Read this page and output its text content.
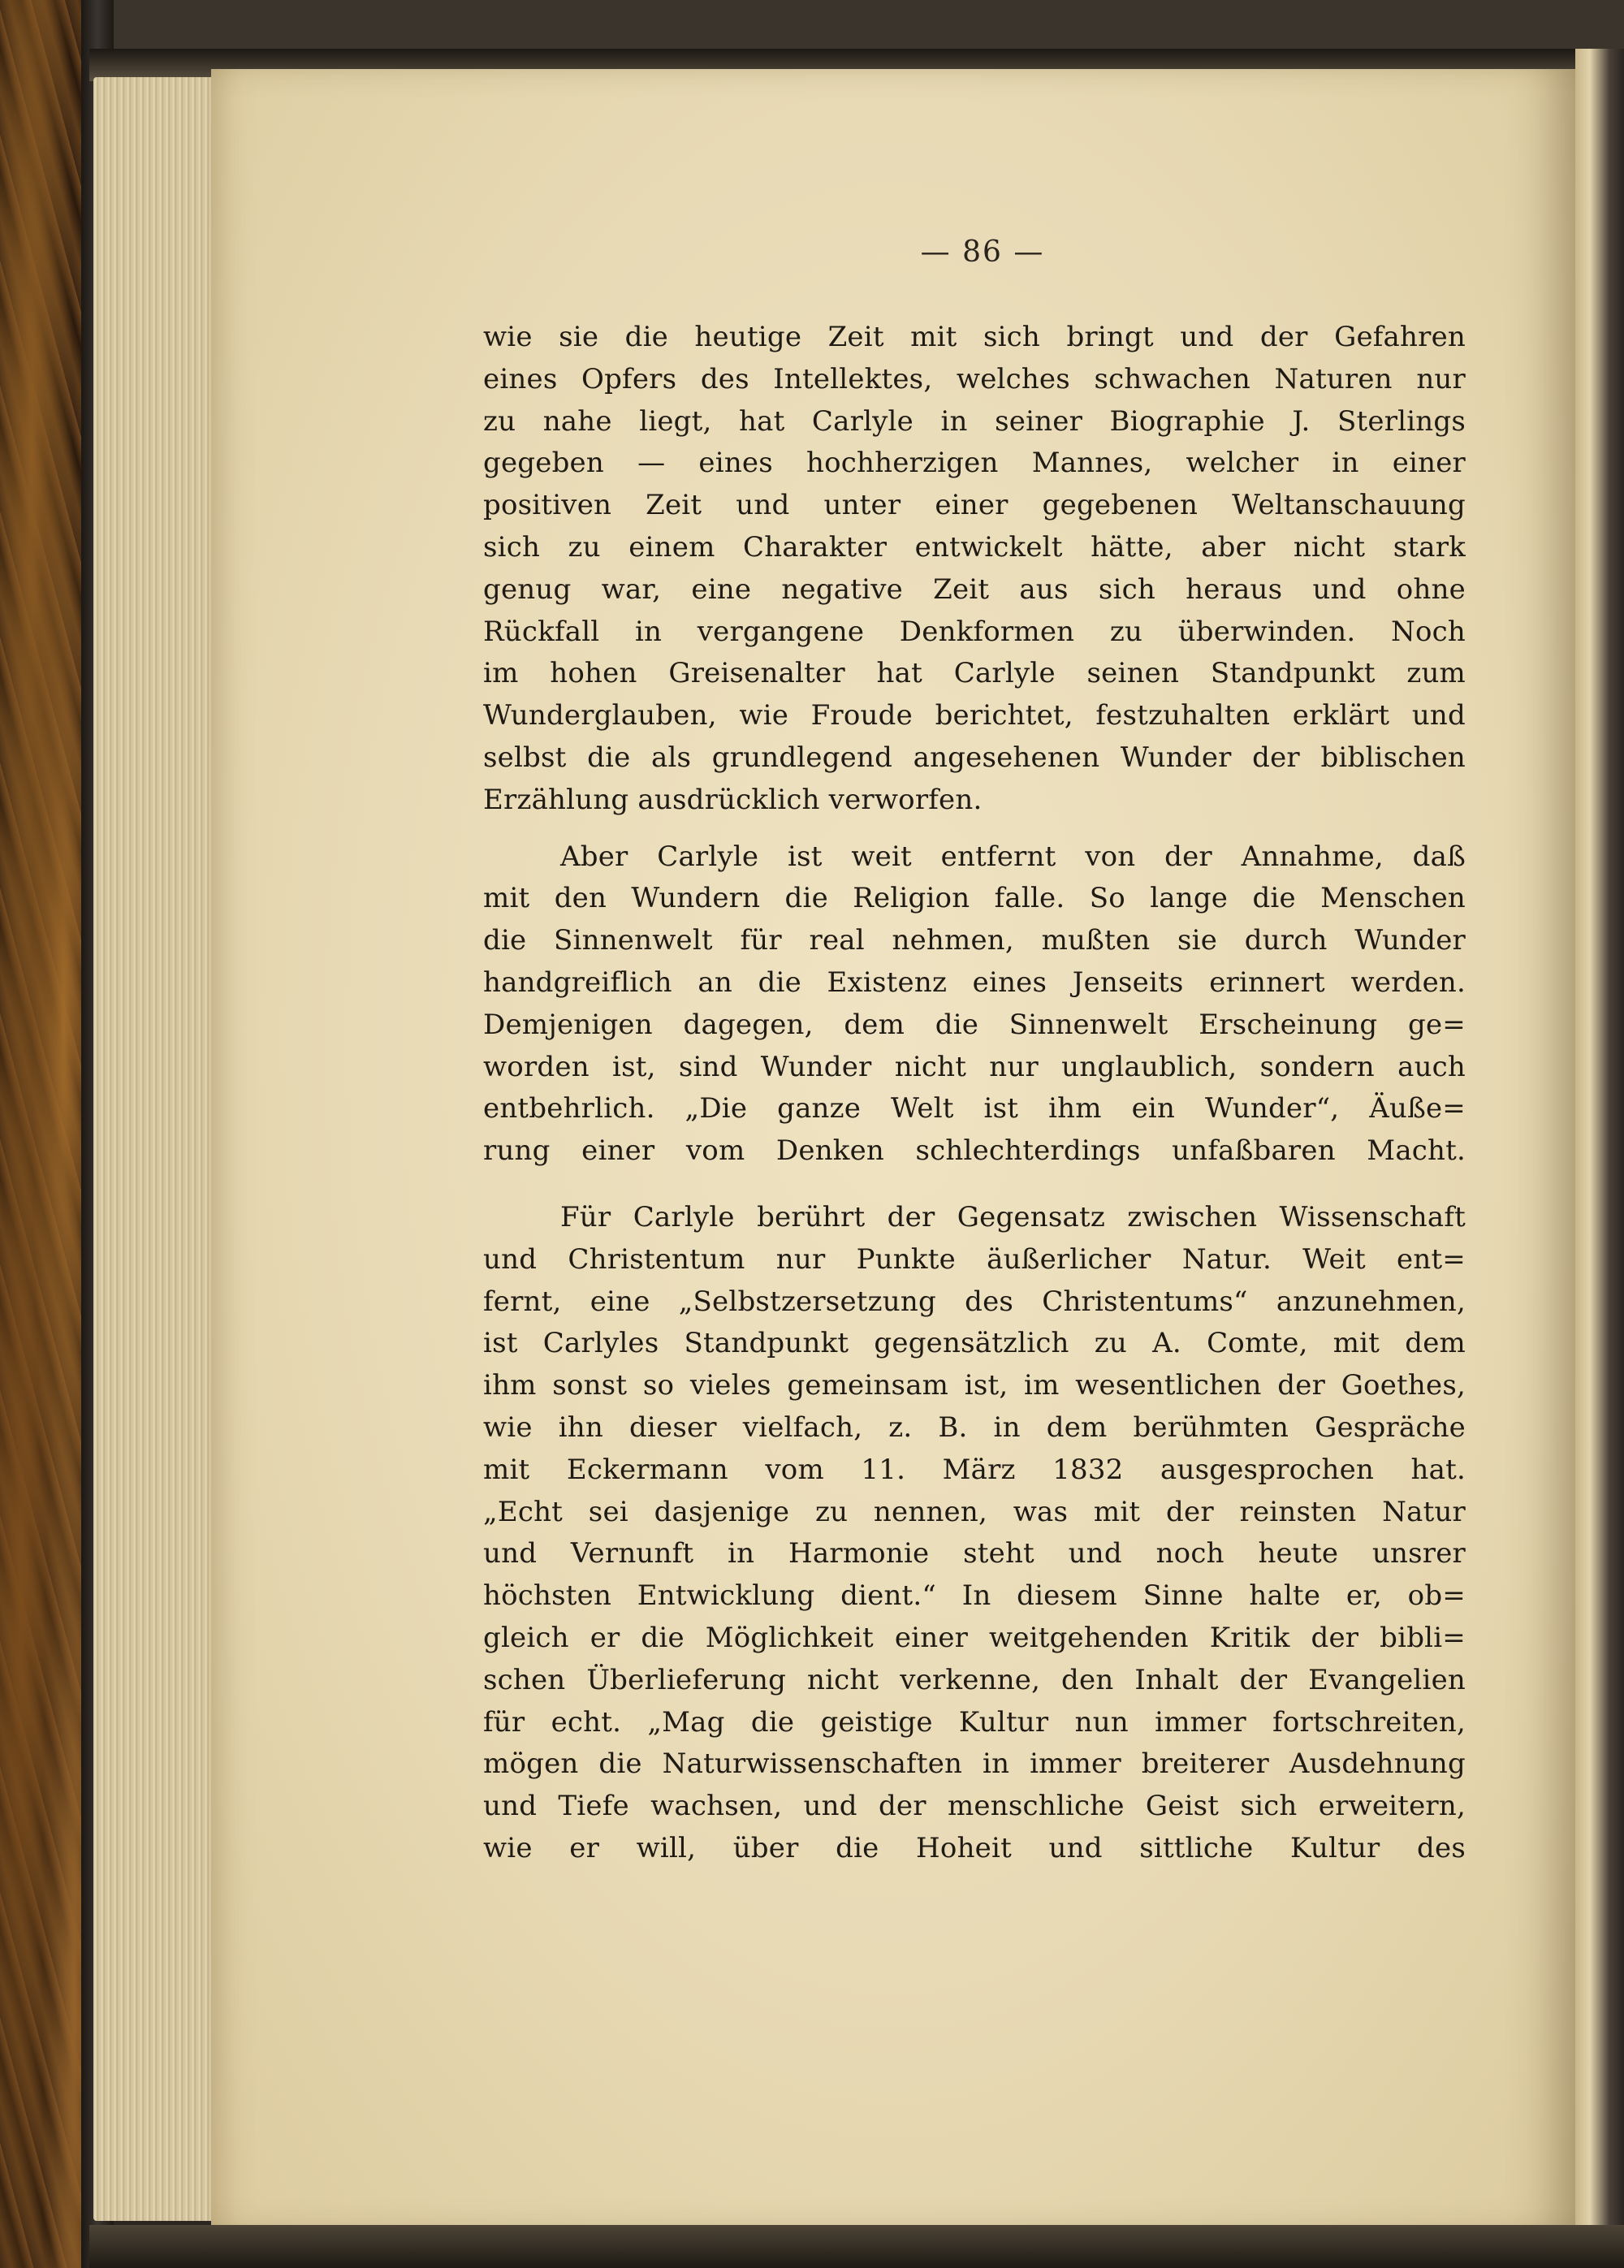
— 86 —
wie sie die heutige Zeit mit sich bringt und der Gefahren
eines Opfers des Intellektes, welches schwachen Naturen nur
zu nahe liegt, hat Carlyle in seiner Biographie J. Sterlings
gegeben — eines hochherzigen Mannes, welcher in einer
positiven Zeit und unter einer gegebenen Weltanschauung
sich zu einem Charakter entwickelt hätte, aber nicht stark
genug war, eine negative Zeit aus sich heraus und ohne
Rückfall in vergangene Denkformen zu überwinden. Noch
im hohen Greisenalter hat Carlyle seinen Standpunkt zum
Wunderglauben, wie Froude berichtet, festzuhalten erklärt und
selbst die als grundlegend angesehenen Wunder der biblischen
Erzählung ausdrücklich verworfen.
Aber Carlyle ist weit entfernt von der Annahme, daß
mit den Wundern die Religion falle. So lange die Menschen
die Sinnenwelt für real nehmen, mußten sie durch Wunder
handgreiflich an die Existenz eines Jenseits erinnert werden.
Demjenigen dagegen, dem die Sinnenwelt Erscheinung ge=
worden ist, sind Wunder nicht nur unglaublich, sondern auch
entbehrlich. „Die ganze Welt ist ihm ein Wunder“, Äuße=
rung einer vom Denken schlechterdings unfaßbaren Macht.
Für Carlyle berührt der Gegensatz zwischen Wissenschaft
und Christentum nur Punkte äußerlicher Natur. Weit ent=
fernt, eine „Selbstzersetzung des Christentums“ anzunehmen,
ist Carlyles Standpunkt gegensätzlich zu A. Comte, mit dem
ihm sonst so vieles gemeinsam ist, im wesentlichen der Goethes,
wie ihn dieser vielfach, z. B. in dem berühmten Gespräche
mit Eckermann vom 11. März 1832 ausgesprochen hat.
„Echt sei dasjenige zu nennen, was mit der reinsten Natur
und Vernunft in Harmonie steht und noch heute unsrer
höchsten Entwicklung dient.“ In diesem Sinne halte er, ob=
gleich er die Möglichkeit einer weitgehenden Kritik der bibli=
schen Überlieferung nicht verkenne, den Inhalt der Evangelien
für echt. „Mag die geistige Kultur nun immer fortschreiten,
mögen die Naturwissenschaften in immer breiterer Ausdehnung
und Tiefe wachsen, und der menschliche Geist sich erweitern,
wie er will, über die Hoheit und sittliche Kultur des
